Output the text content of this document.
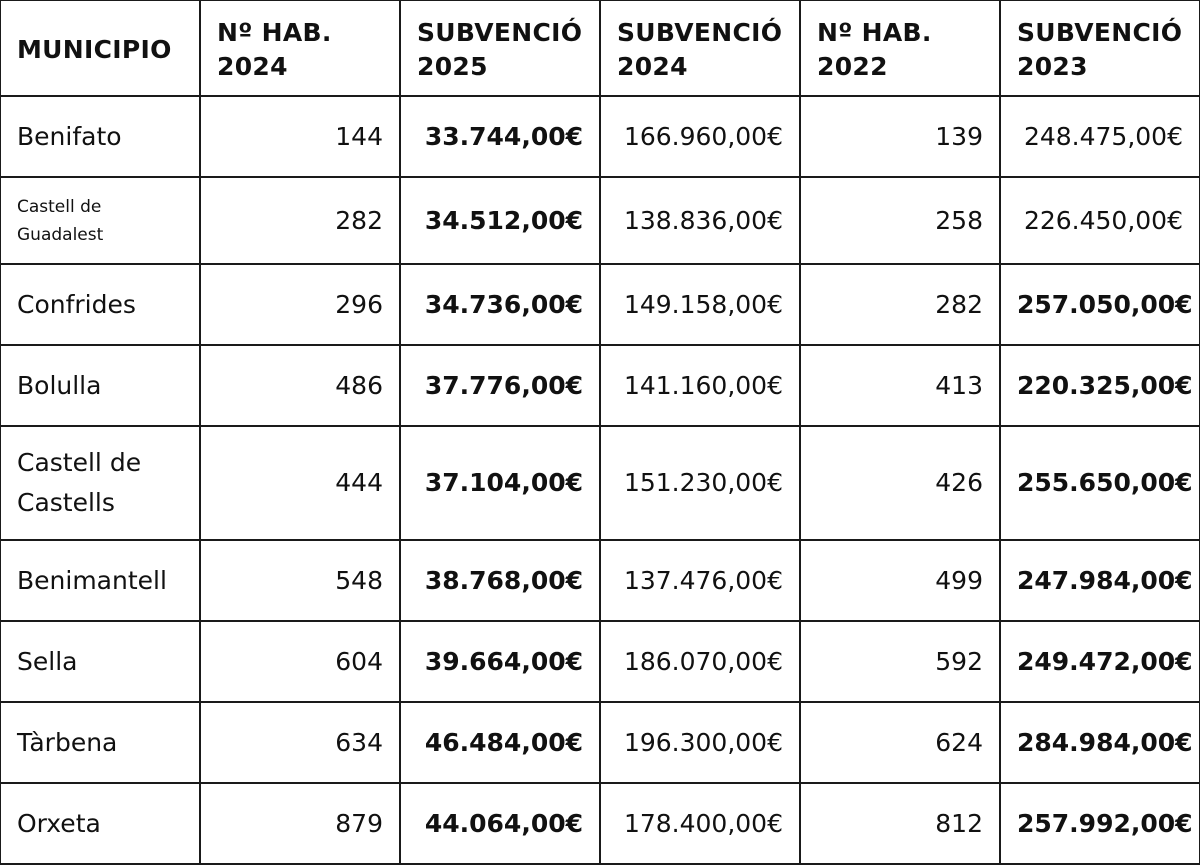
MUNICIPIO	Nº HAB. 2024	SUBVENCIÓ 2025	SUBVENCIÓ 2024	Nº HAB. 2022	SUBVENCIÓ 2023
Benifato	144	33.744,00€	166.960,00€	139	248.475,00€
Castell de Guadalest	282	34.512,00€	138.836,00€	258	226.450,00€
Confrides	296	34.736,00€	149.158,00€	282	257.050,00€
Bolulla	486	37.776,00€	141.160,00€	413	220.325,00€
Castell de Castells	444	37.104,00€	151.230,00€	426	255.650,00€
Benimantell	548	38.768,00€	137.476,00€	499	247.984,00€
Sella	604	39.664,00€	186.070,00€	592	249.472,00€
Tàrbena	634	46.484,00€	196.300,00€	624	284.984,00€
Orxeta	879	44.064,00€	178.400,00€	812	257.992,00€
